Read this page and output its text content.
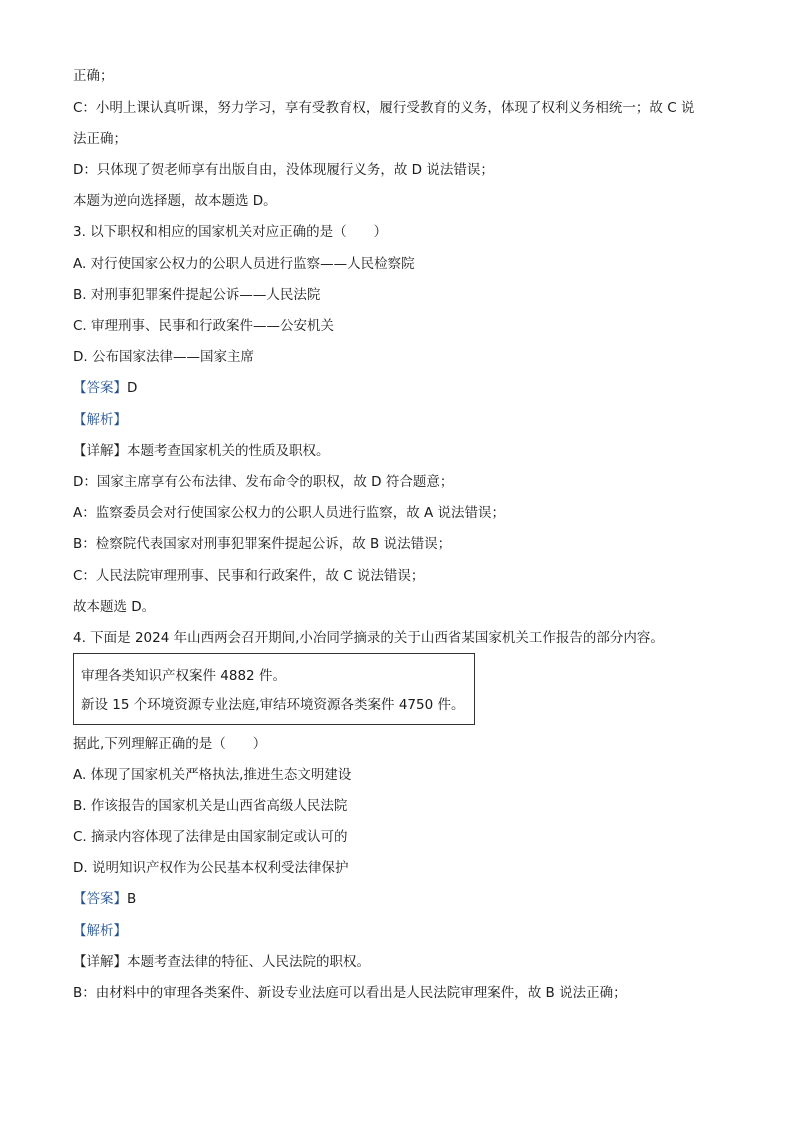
正确；
C：小明上课认真听课，努力学习，享有受教育权，履行受教育的义务，体现了权利义务相统一；故 C 说
法正确；
D：只体现了贺老师享有出版自由，没体现履行义务，故 D 说法错误；
本题为逆向选择题，故本题选 D。
3. 以下职权和相应的国家机关对应正确的是（　　）
A. 对行使国家公权力的公职人员进行监察——人民检察院
B. 对刑事犯罪案件提起公诉——人民法院
C. 审理刑事、民事和行政案件——公安机关
D. 公布国家法律——国家主席
【答案】D
【解析】
【详解】本题考查国家机关的性质及职权。
D：国家主席享有公布法律、发布命令的职权，故 D 符合题意；
A：监察委员会对行使国家公权力的公职人员进行监察，故 A 说法错误；
B：检察院代表国家对刑事犯罪案件提起公诉，故 B 说法错误；
C：人民法院审理刑事、民事和行政案件，故 C 说法错误；
故本题选 D。
4. 下面是 2024 年山西两会召开期间,小冶同学摘录的关于山西省某国家机关工作报告的部分内容。
审理各类知识产权案件 4882 件。
新设 15 个环境资源专业法庭,审结环境资源各类案件 4750 件。
据此,下列理解正确的是（　　）
A. 体现了国家机关严格执法,推进生态文明建设
B. 作该报告的国家机关是山西省高级人民法院
C. 摘录内容体现了法律是由国家制定或认可的
D. 说明知识产权作为公民基本权利受法律保护
【答案】B
【解析】
【详解】本题考查法律的特征、人民法院的职权。
B：由材料中的审理各类案件、新设专业法庭可以看出是人民法院审理案件，故 B 说法正确；
